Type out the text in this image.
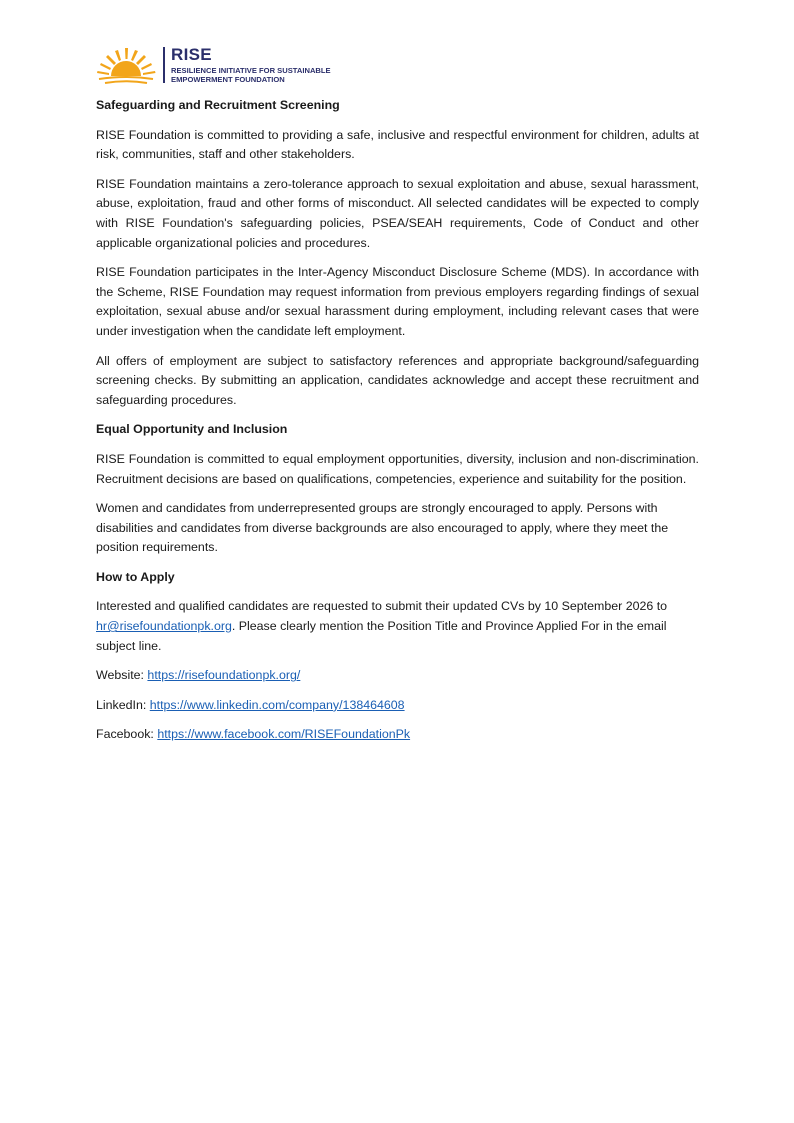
RISE
RESILIENCE INITIATIVE FOR SUSTAINABLE
EMPOWERMENT FOUNDATION
Safeguarding and Recruitment Screening

RISE Foundation is committed to providing a safe, inclusive and respectful environment for children, adults at risk, communities, staff and other stakeholders.

RISE Foundation maintains a zero-tolerance approach to sexual exploitation and abuse, sexual harassment, abuse, exploitation, fraud and other forms of misconduct. All selected candidates will be expected to comply with RISE Foundation's safeguarding policies, PSEA/SEAH requirements, Code of Conduct and other applicable organizational policies and procedures.

RISE Foundation participates in the Inter-Agency Misconduct Disclosure Scheme (MDS). In accordance with the Scheme, RISE Foundation may request information from previous employers regarding findings of sexual exploitation, sexual abuse and/or sexual harassment during employment, including relevant cases that were under investigation when the candidate left employment.

All offers of employment are subject to satisfactory references and appropriate background/safeguarding screening checks. By submitting an application, candidates acknowledge and accept these recruitment and safeguarding procedures.

Equal Opportunity and Inclusion

RISE Foundation is committed to equal employment opportunities, diversity, inclusion and non-discrimination. Recruitment decisions are based on qualifications, competencies, experience and suitability for the position.

Women and candidates from underrepresented groups are strongly encouraged to apply. Persons with disabilities and candidates from diverse backgrounds are also encouraged to apply, where they meet the position requirements.

How to Apply

Interested and qualified candidates are requested to submit their updated CVs by 10 September 2026 to hr@risefoundationpk.org. Please clearly mention the Position Title and Province Applied For in the email subject line.

Website: https://risefoundationpk.org/

LinkedIn: https://www.linkedin.com/company/138464608

Facebook: https://www.facebook.com/RISEFoundationPk
